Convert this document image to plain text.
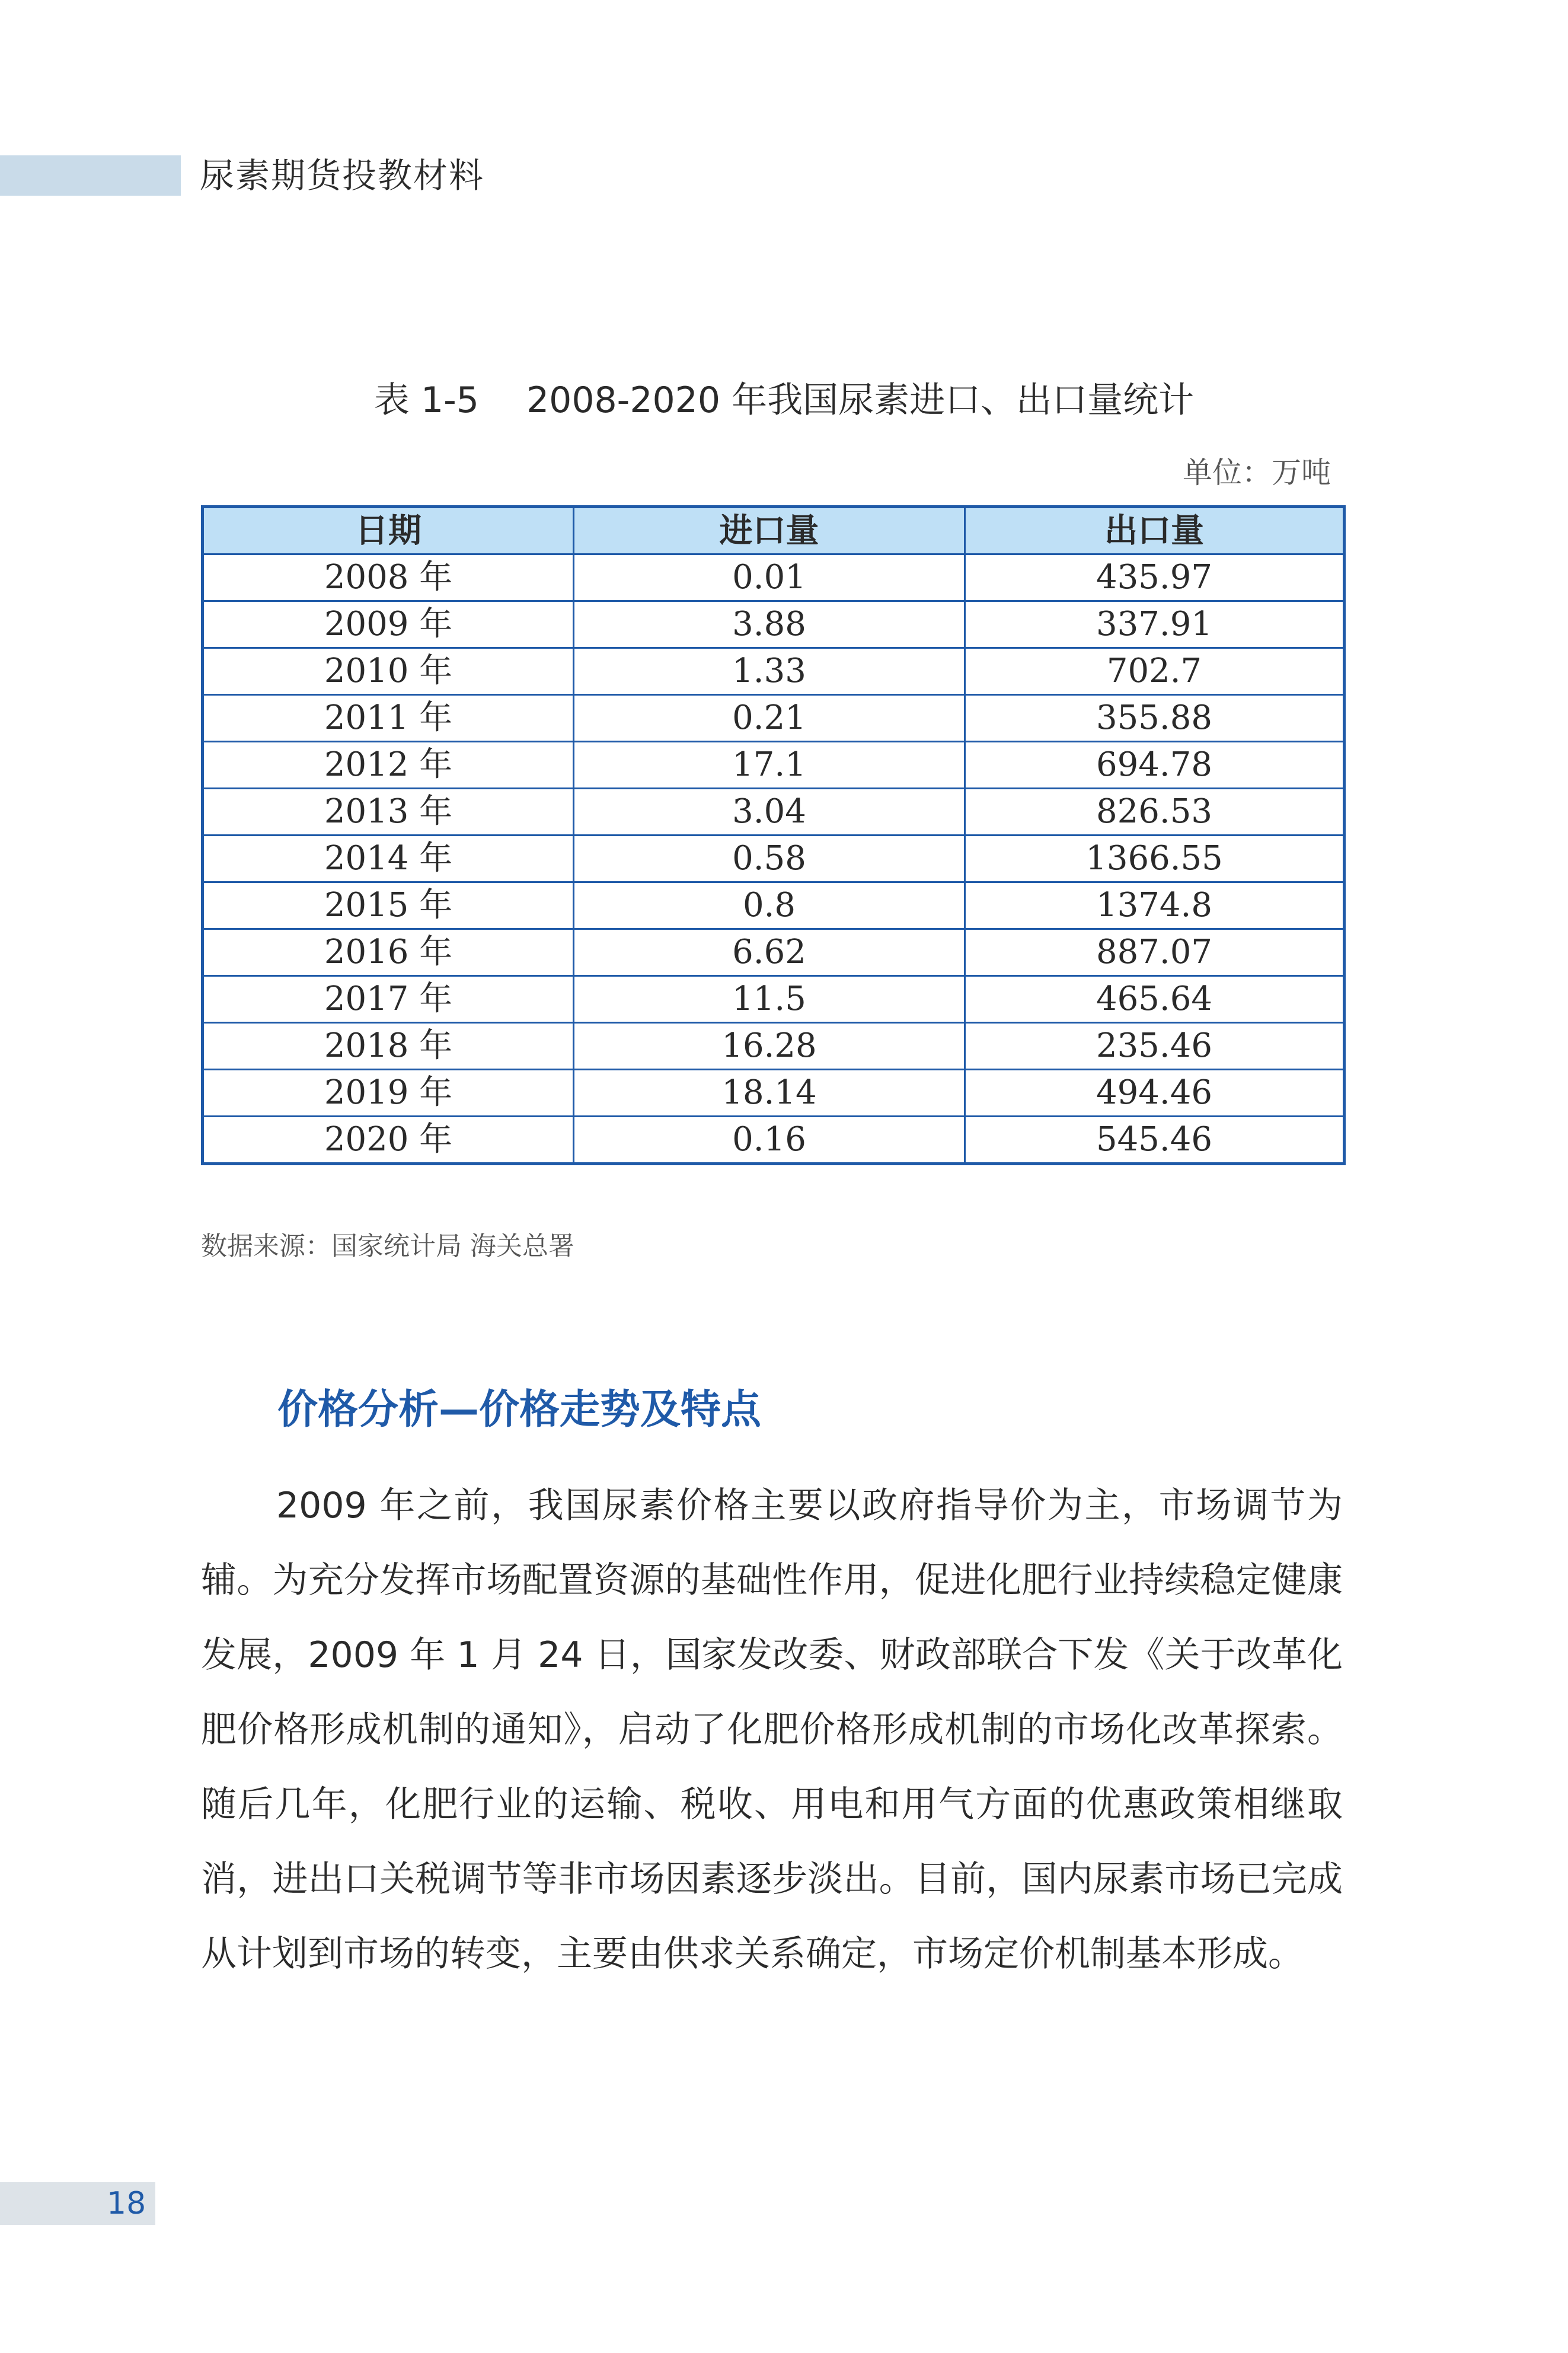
尿素期货投教材料
表 1-5 2008-2020 年我国尿素进口、出口量统计
单位：万吨
日期	进口量	出口量
2008 年	0.01	435.97
2009 年	3.88	337.91
2010 年	1.33	702.7
2011 年	0.21	355.88
2012 年	17.1	694.78
2013 年	3.04	826.53
2014 年	0.58	1366.55
2015 年	0.8	1374.8
2016 年	6.62	887.07
2017 年	11.5	465.64
2018 年	16.28	235.46
2019 年	18.14	494.46
2020 年	0.16	545.46
数据来源：国家统计局 海关总署
价格分析—价格走势及特点

2009 年之前，我国尿素价格主要以政府指导价为主，市场调节为辅。为充分发挥市场配置资源的基础性作用，促进化肥行业持续稳定健康发展，2009 年 1 月 24 日，国家发改委、财政部联合下发《关于改革化肥价格形成机制的通知》，启动了化肥价格形成机制的市场化改革探索。随后几年，化肥行业的运输、税收、用电和用气方面的优惠政策相继取消，进出口关税调节等非市场因素逐步淡出。目前，国内尿素市场已完成从计划到市场的转变，主要由供求关系确定，市场定价机制基本形成。

18
